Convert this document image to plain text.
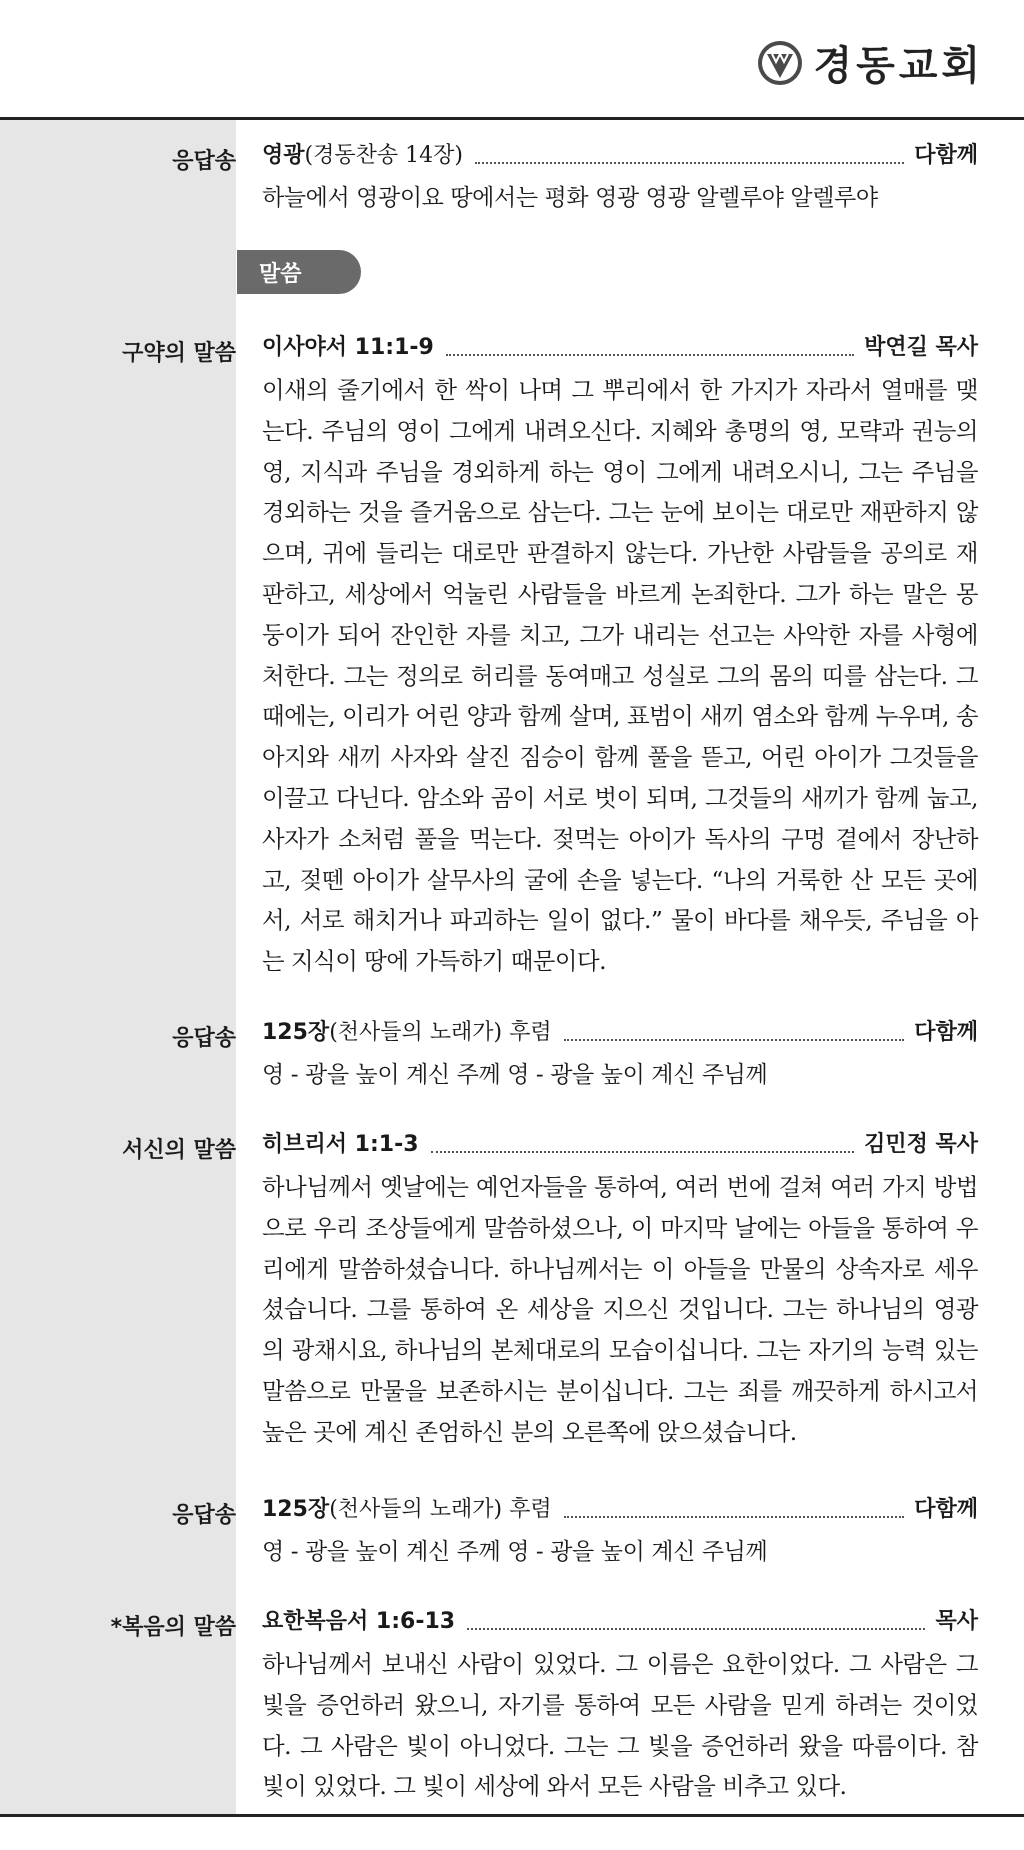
경동교회
응답송 영광 (경동찬송 14장)	다함께
하늘에서 영광이요 땅에서는 평화 영광 영광 알렐루야 알렐루야
말씀
구약의 말씀 이사야서 11:1-9	박연길 목사
이새의 줄기에서 한 싹이 나며 그 뿌리에서 한 가지가 자라서 열매를 맺는다. 주님의 영이 그에게 내려오신다. 지혜와 총명의 영, 모략과 권능의 영, 지식과 주님을 경외하게 하는 영이 그에게 내려오시니, 그는 주님을 경외하는 것을 즐거움으로 삼는다. 그는 눈에 보이는 대로만 재판하지 않으며, 귀에 들리는 대로만 판결하지 않는다. 가난한 사람들을 공의로 재판하고, 세상에서 억눌린 사람들을 바르게 논죄한다. 그가 하는 말은 몽둥이가 되어 잔인한 자를 치고, 그가 내리는 선고는 사악한 자를 사형에 처한다. 그는 정의로 허리를 동여매고 성실로 그의 몸의 띠를 삼는다. 그 때에는, 이리가 어린 양과 함께 살며, 표범이 새끼 염소와 함께 누우며, 송아지와 새끼 사자와 살진 짐승이 함께 풀을 뜯고, 어린 아이가 그것들을 이끌고 다닌다. 암소와 곰이 서로 벗이 되며, 그것들의 새끼가 함께 눕고, 사자가 소처럼 풀을 먹는다. 젖먹는 아이가 독사의 구멍 곁에서 장난하고, 젖뗀 아이가 살무사의 굴에 손을 넣는다. “나의 거룩한 산 모든 곳에서, 서로 해치거나 파괴하는 일이 없다.” 물이 바다를 채우듯, 주님을 아는 지식이 땅에 가득하기 때문이다.
응답송 125장 (천사들의 노래가) 후렴	다함께
영 - 광을 높이 계신 주께 영 - 광을 높이 계신 주님께
서신의 말씀 히브리서 1:1-3	김민정 목사
하나님께서 옛날에는 예언자들을 통하여, 여러 번에 걸쳐 여러 가지 방법으로 우리 조상들에게 말씀하셨으나, 이 마지막 날에는 아들을 통하여 우리에게 말씀하셨습니다. 하나님께서는 이 아들을 만물의 상속자로 세우셨습니다. 그를 통하여 온 세상을 지으신 것입니다. 그는 하나님의 영광의 광채시요, 하나님의 본체대로의 모습이십니다. 그는 자기의 능력 있는 말씀으로 만물을 보존하시는 분이십니다. 그는 죄를 깨끗하게 하시고서 높은 곳에 계신 존엄하신 분의 오른쪽에 앉으셨습니다.
응답송 125장 (천사들의 노래가) 후렴	다함께
영 - 광을 높이 계신 주께 영 - 광을 높이 계신 주님께
*복음의 말씀 요한복음서 1:6-13	목사
하나님께서 보내신 사람이 있었다. 그 이름은 요한이었다. 그 사람은 그 빛을 증언하러 왔으니, 자기를 통하여 모든 사람을 믿게 하려는 것이었다. 그 사람은 빛이 아니었다. 그는 그 빛을 증언하러 왔을 따름이다. 참 빛이 있었다. 그 빛이 세상에 와서 모든 사람을 비추고 있다.
